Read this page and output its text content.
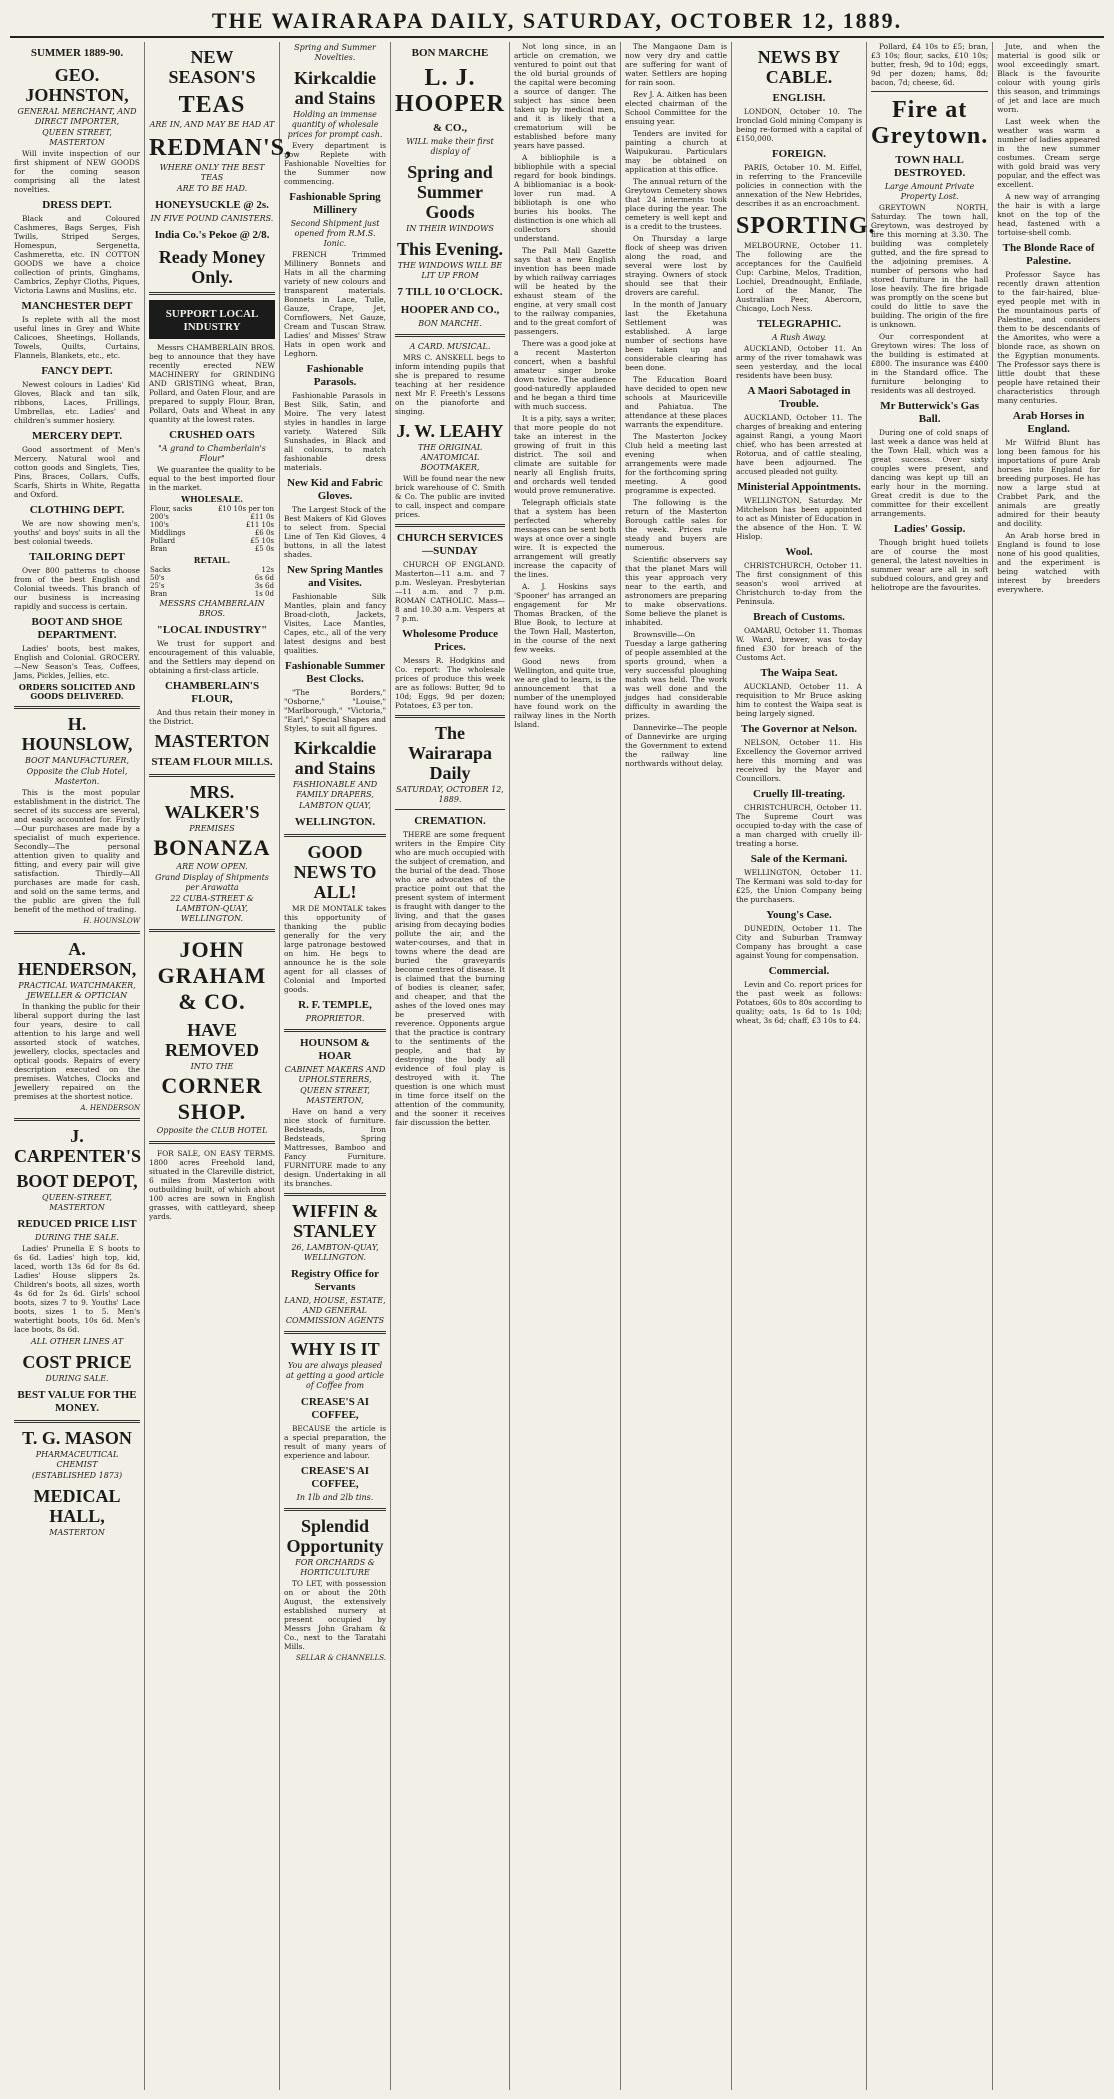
THE WAIRARAPA DAILY, SATURDAY, OCTOBER 12, 1889.
SUMMER 1889-90.
GEO. JOHNSTON,
GENERAL MERCHANT, AND DIRECT IMPORTER,
QUEEN STREET, MASTERTON

Will invite inspection of our first shipment of NEW GOODS for the coming season comprising all the latest novelties.

DRESS DEPT.

Black and Coloured Cashmeres, Bags Serges, Fish Twills, Striped Serges, Homespun, Sergenetta, Cashmeretta, etc. IN COTTON GOODS we have a choice collection of prints, Ginghams, Cambrics, Zephyr Cloths, Piques, Victoria Lawns and Muslins, etc.

MANCHESTER DEPT

Is replete with all the most useful lines in Grey and White Calicoes, Sheetings, Hollands, Towels, Quilts, Curtains, Flannels, Blankets, etc., etc.

FANCY DEPT.

Newest colours in Ladies' Kid Gloves, Black and tan silk, ribbons, Laces, Frillings, Umbrellas, etc. Ladies' and children's summer hosiery.

MERCERY DEPT.

Good assortment of Men's Mercery. Natural wool and cotton goods and Singlets, Ties, Pins, Braces, Collars, Cuffs, Scarfs, Shirts in White, Regatta and Oxford.

CLOTHING DEPT.

We are now showing men's, youths' and boys' suits in all the best colonial tweeds.

TAILORING DEPT

Over 800 patterns to choose from of the best English and Colonial tweeds. This branch of our business is increasing rapidly and success is certain.

BOOT AND SHOE DEPARTMENT.

Ladies' boots, best makes, English and Colonial. GROCERY.—New Season's Teas, Coffees, Jams, Pickles, Jellies, etc.

ORDERS SOLICITED AND GOODS DELIVERED.
H. HOUNSLOW,
BOOT MANUFACTURER,
Opposite the Club Hotel, Masterton.

This is the most popular establishment in the district. The secret of its success are several, and easily accounted for. Firstly—Our purchases are made by a specialist of much experience. Secondly—The personal attention given to quality and fitting, and every pair will give satisfaction. Thirdly—All purchases are made for cash, and sold on the same terms, and the public are given the full benefit of the method of trading.

H. HOUNSLOW
A. HENDERSON,
PRACTICAL WATCHMAKER, JEWELLER & OPTICIAN

In thanking the public for their liberal support during the last four years, desire to call attention to his large and well assorted stock of watches, jewellery, clocks, spectacles and optical goods. Repairs of every description executed on the premises. Watches, Clocks and Jewellery repaired on the premises at the shortest notice.

A. HENDERSON
J. CARPENTER'S
BOOT DEPOT,
QUEEN-STREET, MASTERTON
REDUCED PRICE LIST
DURING THE SALE.

Ladies' Prunella E S boots to 6s 6d. Ladies' high top, kid, laced, worth 13s 6d for 8s 6d. Ladies' House slippers 2s. Children's boots, all sizes, worth 4s 6d for 2s 6d. Girls' school boots, sizes 7 to 9. Youths' Lace boots, sizes 1 to 5. Men's watertight boots, 10s 6d. Men's lace boots, 8s 6d.

ALL OTHER LINES AT
COST PRICE
DURING SALE.
BEST VALUE FOR THE MONEY.
T. G. MASON
PHARMACEUTICAL CHEMIST
(ESTABLISHED 1873)
MEDICAL HALL,
MASTERTON
NEW SEASON'S
TEAS
ARE IN, AND MAY BE HAD AT
REDMAN'S,
WHERE ONLY THE BEST TEAS
ARE TO BE HAD.
HONEYSUCKLE @ 2s.
IN FIVE POUND CANISTERS.
India Co.'s Pekoe @ 2/8.
Ready Money Only.
SUPPORT LOCAL INDUSTRY

Messrs CHAMBERLAIN BROS. beg to announce that they have recently erected NEW MACHINERY for GRINDING AND GRISTING wheat, Bran, Pollard, and Oaten Flour, and are prepared to supply Flour, Bran, Pollard, Oats and Wheat in any quantity at the lowest rates.

CRUSHED OATS
"A grand to Chamberlain's Flour"

We guarantee the quality to be equal to the best imported flour in the market.

WHOLESALE.
Flour, sacks	£10 10s per ton
200's	£11 0s
100's	£11 10s
Middlings	£6 0s
Pollard	£5 10s
Bran	£5 0s
RETAIL.
Sacks	12s
50's	6s 6d
25's	3s 6d
Bran	1s 0d
MESSRS CHAMBERLAIN BROS.
"LOCAL INDUSTRY"

We trust for support and encouragement of this valuable, and the Settlers may depend on obtaining a first-class article.

CHAMBERLAIN'S FLOUR,

And thus retain their money in the District.

MASTERTON
STEAM FLOUR MILLS.
MRS. WALKER'S
PREMISES
BONANZA
ARE NOW OPEN.
Grand Display of Shipments per Arawatta
22 CUBA-STREET & LAMBTON-QUAY, WELLINGTON.
JOHN GRAHAM & CO.
HAVE REMOVED
INTO THE
CORNER SHOP.
Opposite the CLUB HOTEL

FOR SALE, ON EASY TERMS. 1800 acres Freehold land, situated in the Clareville district, 6 miles from Masterton with outbuilding built, of which about 100 acres are sown in English grasses, with cattleyard, sheep yards.

Spring and Summer Novelties.
Kirkcaldie and Stains
Holding an immense quantity of wholesale prices for prompt cash.

Every department is now Replete with Fashionable Novelties for the Summer now commencing.

Fashionable Spring Millinery
Second Shipment just opened from R.M.S. Ionic.

FRENCH Trimmed Millinery Bonnets and Hats in all the charming variety of new colours and transparent materials. Bonnets in Lace, Tulle, Gauze, Crape, Jet, Cornflowers, Net Gauze, Cream and Tuscan Straw. Ladies' and Misses' Straw Hats in open work and Leghorn.

Fashionable Parasols.

Fashionable Parasols in Best Silk, Satin, and Moire. The very latest styles in handles in large variety. Watered Silk Sunshades, in Black and all colours, to match fashionable dress materials.

New Kid and Fabric Gloves.

The Largest Stock of the Best Makers of Kid Gloves to select from. Special Line of Ten Kid Gloves, 4 buttons, in all the latest shades.

New Spring Mantles and Visites.

Fashionable Silk Mantles, plain and fancy Broad-cloth, Jackets, Visites, Lace Mantles, Capes, etc., all of the very latest designs and best qualities.

Fashionable Summer Best Clocks.

"The Borders," "Osborne," "Louise," "Marlborough," "Victoria," "Earl," Special Shapes and Styles, to suit all figures.

Kirkcaldie and Stains
FASHIONABLE AND FAMILY DRAPERS,
LAMBTON QUAY,
WELLINGTON.
GOOD NEWS TO ALL!

MR DE MONTALK takes this opportunity of thanking the public generally for the very large patronage bestowed on him. He begs to announce he is the sole agent for all classes of Colonial and Imported goods.

R. F. TEMPLE,
PROPRIETOR.
HOUNSOM & HOAR
CABINET MAKERS AND UPHOLSTERERS,
QUEEN STREET, MASTERTON,

Have on hand a very nice stock of furniture. Bedsteads, Iron Bedsteads, Spring Mattresses, Bamboo and Fancy Furniture. FURNITURE made to any design. Undertaking in all its branches.

WIFFIN & STANLEY
26, LAMBTON-QUAY, WELLINGTON.
Registry Office for Servants
LAND, HOUSE, ESTATE, AND GENERAL COMMISSION AGENTS
WHY IS IT
You are always pleased at getting a good article of Coffee from
CREASE'S AI COFFEE,

BECAUSE the article is a special preparation, the result of many years of experience and labour.

CREASE'S AI COFFEE,
In 1lb and 2lb tins.
Splendid Opportunity
FOR ORCHARDS & HORTICULTURE

TO LET, with possession on or about the 20th August, the extensively established nursery at present occupied by Messrs John Graham & Co., next to the Taratahi Mills.

SELLAR & CHANNELLS.
BON MARCHE
L. J. HOOPER
& CO.,
WILL make their first display of
Spring and Summer Goods
IN THEIR WINDOWS
This Evening.
THE WINDOWS WILL BE LIT UP FROM
7 TILL 10 O'CLOCK.
HOOPER AND CO.,
BON MARCHE.
A CARD. MUSICAL.

MRS C. ANSKELL begs to inform intending pupils that she is prepared to resume teaching at her residence next Mr F. Freeth's Lessons on the pianoforte and singing.

J. W. LEAHY
THE ORIGINAL ANATOMICAL BOOTMAKER,

Will be found near the new brick warehouse of C. Smith & Co. The public are invited to call, inspect and compare prices.

CHURCH SERVICES—SUNDAY

CHURCH OF ENGLAND. Masterton—11 a.m. and 7 p.m. Wesleyan. Presbyterian—11 a.m. and 7 p.m. ROMAN CATHOLIC. Mass—8 and 10.30 a.m. Vespers at 7 p.m.

Wholesome Produce Prices.

Messrs R. Hodgkins and Co. report: The wholesale prices of produce this week are as follows: Butter, 9d to 10d; Eggs, 9d per dozen; Potatoes, £3 per ton.

The Wairarapa Daily
SATURDAY, OCTOBER 12, 1889.
CREMATION.

THERE are some frequent writers in the Empire City who are much occupied with the subject of cremation, and the burial of the dead. Those who are advocates of the practice point out that the present system of interment is fraught with danger to the living, and that the gases arising from decaying bodies pollute the air, and the water-courses, and that in towns where the dead are buried the graveyards become centres of disease. It is claimed that the burning of bodies is cleaner, safer, and cheaper, and that the ashes of the loved ones may be preserved with reverence. Opponents argue that the practice is contrary to the sentiments of the people, and that by destroying the body all evidence of foul play is destroyed with it. The question is one which must in time force itself on the attention of the community, and the sooner it receives fair discussion the better.

Not long since, in an article on cremation, we ventured to point out that the old burial grounds of the capital were becoming a source of danger. The subject has since been taken up by medical men, and it is likely that a crematorium will be established before many years have passed.

A bibliophile is a bibliophile with a special regard for book bindings. A bibliomaniac is a book-lover run mad. A bibliotaph is one who buries his books. The distinction is one which all collectors should understand.

The Pall Mall Gazette says that a new English invention has been made by which railway carriages will be heated by the exhaust steam of the engine, at very small cost to the railway companies, and to the great comfort of passengers.

There was a good joke at a recent Masterton concert, when a bashful amateur singer broke down twice. The audience good-naturedly applauded and he began a third time with much success.

It is a pity, says a writer, that more people do not take an interest in the growing of fruit in this district. The soil and climate are suitable for nearly all English fruits, and orchards well tended would prove remunerative.

Telegraph officials state that a system has been perfected whereby messages can be sent both ways at once over a single wire. It is expected the arrangement will greatly increase the capacity of the lines.

A. J. Hoskins says 'Spooner' has arranged an engagement for Mr Thomas Bracken, of the Blue Book, to lecture at the Town Hall, Masterton, in the course of the next few weeks.

Good news from Wellington, and quite true, we are glad to learn, is the announcement that a number of the unemployed have found work on the railway lines in the North Island.

The Mangaone Dam is now very dry and cattle are suffering for want of water. Settlers are hoping for rain soon.

Rev J. A. Aitken has been elected chairman of the School Committee for the ensuing year.

Tenders are invited for painting a church at Waipukurau. Particulars may be obtained on application at this office.

The annual return of the Greytown Cemetery shows that 24 interments took place during the year. The cemetery is well kept and is a credit to the trustees.

On Thursday a large flock of sheep was driven along the road, and several were lost by straying. Owners of stock should see that their drovers are careful.

In the month of January last the Eketahuna Settlement was established. A large number of sections have been taken up and considerable clearing has been done.

The Education Board have decided to open new schools at Mauriceville and Pahiatua. The attendance at these places warrants the expenditure.

The Masterton Jockey Club held a meeting last evening when arrangements were made for the forthcoming spring meeting. A good programme is expected.

The following is the return of the Masterton Borough cattle sales for the week. Prices rule steady and buyers are numerous.

Scientific observers say that the planet Mars will this year approach very near to the earth, and astronomers are preparing to make observations. Some believe the planet is inhabited.

Brownsville—On Tuesday a large gathering of people assembled at the sports ground, when a very successful ploughing match was held. The work was well done and the judges had considerable difficulty in awarding the prizes.

Dannevirke—The people of Dannevirke are urging the Government to extend the railway line northwards without delay.

NEWS BY CABLE.
ENGLISH.

LONDON, October 10. The Ironclad Gold mining Company is being re-formed with a capital of £150,000.

FOREIGN.

PARIS, October 10. M. Eiffel, in referring to the Franceville policies in connection with the annexation of the New Hebrides, describes it as an encroachment.

SPORTING.

MELBOURNE, October 11. The following are the acceptances for the Caulfield Cup: Carbine, Melos, Tradition, Lochiel, Dreadnought, Enfilade, Lord of the Manor, The Australian Peer, Abercorn, Chicago, Loch Ness.

TELEGRAPHIC.
A Rush Away.

AUCKLAND, October 11. An army of the river tomahawk was seen yesterday, and the local residents have been busy.

A Maori Sabotaged in Trouble.

AUCKLAND, October 11. The charges of breaking and entering against Rangi, a young Maori chief, who has been arrested at Rotorua, and of cattle stealing, have been adjourned. The accused pleaded not guilty.

Ministerial Appointments.

WELLINGTON, Saturday. Mr Mitchelson has been appointed to act as Minister of Education in the absence of the Hon. T. W. Hislop.

Wool.

CHRISTCHURCH, October 11. The first consignment of this season's wool arrived at Christchurch to-day from the Peninsula.

Breach of Customs.

OAMARU, October 11. Thomas W. Ward, brewer, was to-day fined £30 for breach of the Customs Act.

The Waipa Seat.

AUCKLAND, October 11. A requisition to Mr Bruce asking him to contest the Waipa seat is being largely signed.

The Governor at Nelson.

NELSON, October 11. His Excellency the Governor arrived here this morning and was received by the Mayor and Councillors.

Cruelly Ill-treating.

CHRISTCHURCH, October 11. The Supreme Court was occupied to-day with the case of a man charged with cruelly ill-treating a horse.

Sale of the Kermani.

WELLINGTON, October 11. The Kermani was sold to-day for £25, the Union Company being the purchasers.

Young's Case.

DUNEDIN, October 11. The City and Suburban Tramway Company has brought a case against Young for compensation.

Commercial.

Levin and Co. report prices for the past week as follows: Potatoes, 60s to 80s according to quality; oats, 1s 6d to 1s 10d; wheat, 3s 6d; chaff, £3 10s to £4.

Pollard, £4 10s to £5; bran, £3 10s; flour, sacks, £10 10s; butter, fresh, 9d to 10d; eggs, 9d per dozen; hams, 8d; bacon, 7d; cheese, 6d.

Fire at Greytown.
TOWN HALL DESTROYED.
Large Amount Private Property Lost.

GREYTOWN NORTH, Saturday. The town hall, Greytown, was destroyed by fire this morning at 3.30. The building was completely gutted, and the fire spread to the adjoining premises. A number of persons who had stored furniture in the hall lose heavily. The fire brigade was promptly on the scene but could do little to save the building. The origin of the fire is unknown.

Our correspondent at Greytown wires: The loss of the building is estimated at £800. The insurance was £400 in the Standard office. The furniture belonging to residents was all destroyed.

Mr Butterwick's Gas Ball.

During one of cold snaps of last week a dance was held at the Town Hall, which was a great success. Over sixty couples were present, and dancing was kept up till an early hour in the morning. Great credit is due to the committee for their excellent arrangements.

Ladies' Gossip.

Though bright hued toilets are of course the most general, the latest novelties in summer wear are all in soft subdued colours, and grey and heliotrope are the favourites.

Jute, and when the material is good silk or wool exceedingly smart. Black is the favourite colour with young girls this season, and trimmings of jet and lace are much worn.

Last week when the weather was warm a number of ladies appeared in the new summer costumes. Cream serge with gold braid was very popular, and the effect was excellent.

A new way of arranging the hair is with a large knot on the top of the head, fastened with a tortoise-shell comb.

The Blonde Race of Palestine.

Professor Sayce has recently drawn attention to the fair-haired, blue-eyed people met with in the mountainous parts of Palestine, and considers them to be descendants of the Amorites, who were a blonde race, as shown on the Egyptian monuments. The Professor says there is little doubt that these people have retained their characteristics through many centuries.

Arab Horses in England.

Mr Wilfrid Blunt has long been famous for his importations of pure Arab horses into England for breeding purposes. He has now a large stud at Crabbet Park, and the animals are greatly admired for their beauty and docility.

An Arab horse bred in England is found to lose none of his good qualities, and the experiment is being watched with interest by breeders everywhere.
